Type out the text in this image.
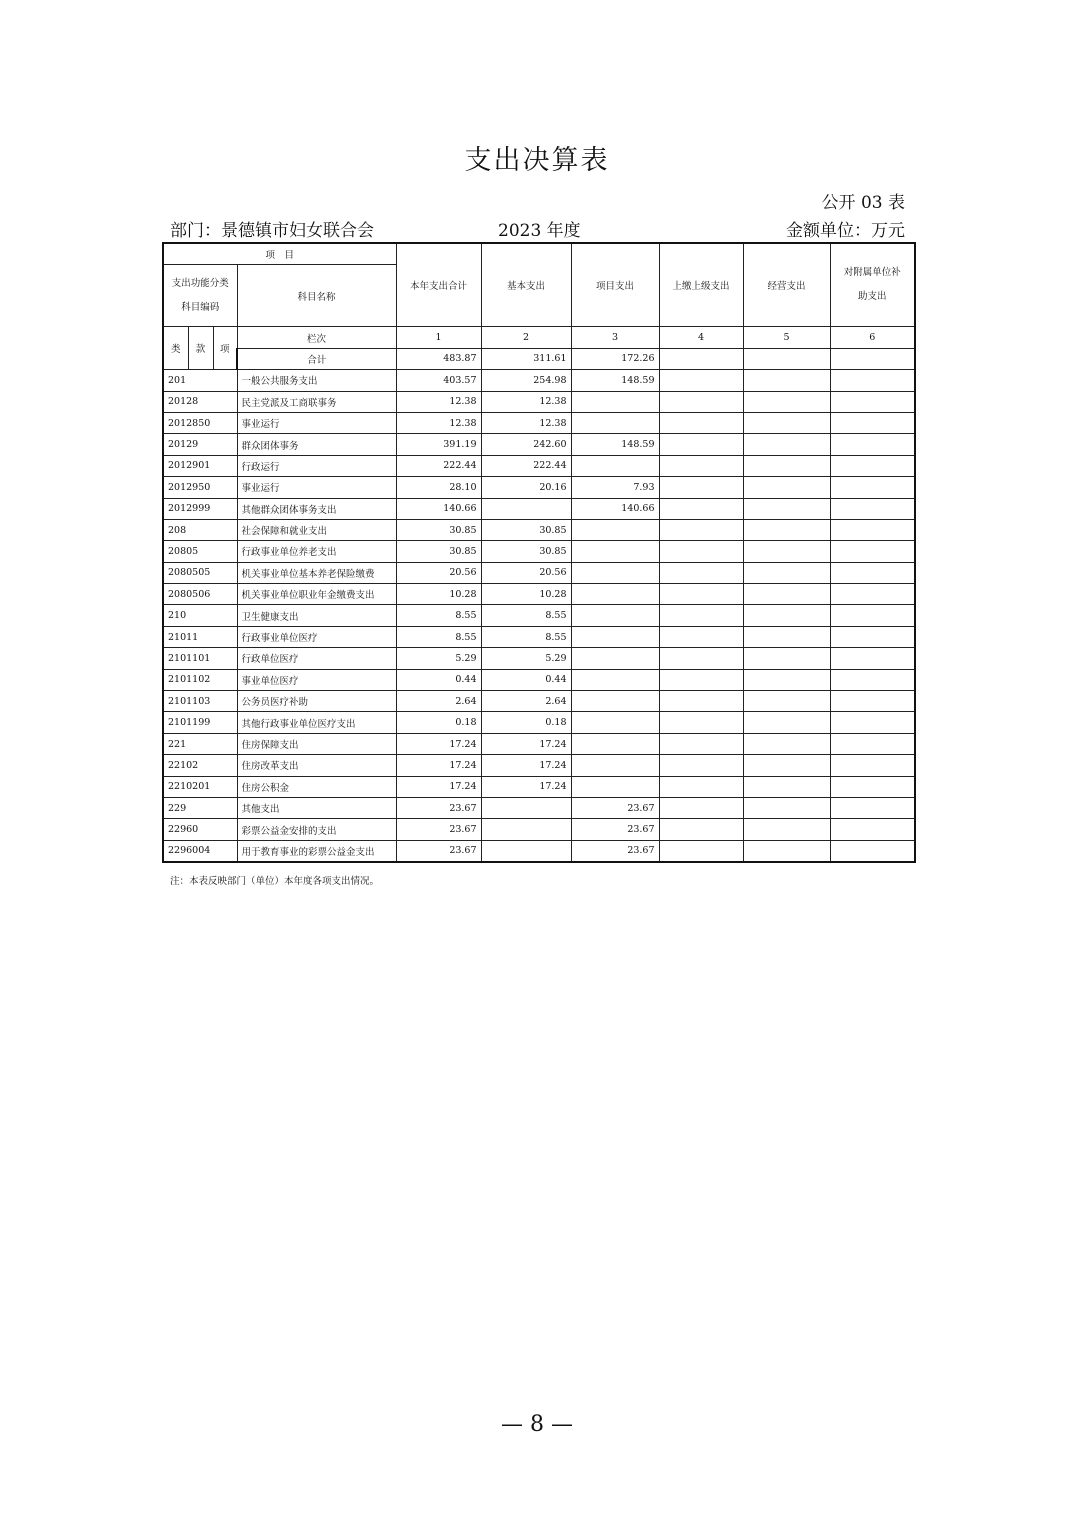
支出决算表
公开 03 表
部门：景德镇市妇女联合会	2023 年度	金额单位：万元
项　目				本年支出合计	基本支出	项目支出	上缴上级支出	经营支出	对附属单位补
助支出
支出功能分类
科目编码			科目名称						
类	款	项	栏次	1	2	3	4	5	6
			合计	483.87	311.61	172.26			
201			一般公共服务支出	403.57	254.98	148.59			
20128			民主党派及工商联事务	12.38	12.38				
2012850			事业运行	12.38	12.38				
20129			群众团体事务	391.19	242.60	148.59			
2012901			行政运行	222.44	222.44				
2012950			事业运行	28.10	20.16	7.93			
2012999			其他群众团体事务支出	140.66		140.66			
208			社会保障和就业支出	30.85	30.85				
20805			行政事业单位养老支出	30.85	30.85				
2080505			机关事业单位基本养老保险缴费	20.56	20.56				
2080506			机关事业单位职业年金缴费支出	10.28	10.28				
210			卫生健康支出	8.55	8.55				
21011			行政事业单位医疗	8.55	8.55				
2101101			行政单位医疗	5.29	5.29				
2101102			事业单位医疗	0.44	0.44				
2101103			公务员医疗补助	2.64	2.64				
2101199			其他行政事业单位医疗支出	0.18	0.18				
221			住房保障支出	17.24	17.24				
22102			住房改革支出	17.24	17.24				
2210201			住房公积金	17.24	17.24				
229			其他支出	23.67		23.67			
22960			彩票公益金安排的支出	23.67		23.67			
2296004			用于教育事业的彩票公益金支出	23.67		23.67			
注：本表反映部门（单位）本年度各项支出情况。
— 8 —
